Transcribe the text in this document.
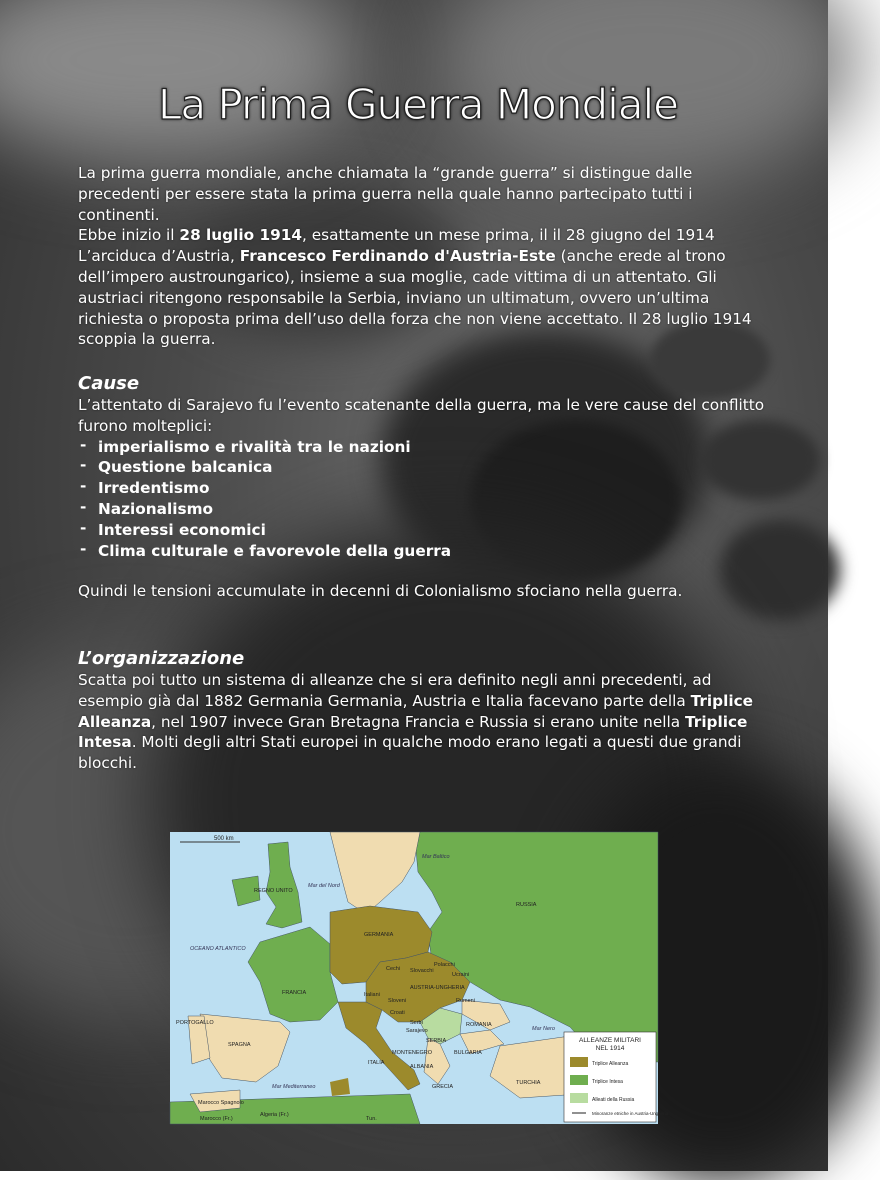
La Prima Guerra Mondiale

La prima guerra mondiale, anche chiamata la “grande guerra” si distingue dalle precedenti per essere stata la prima guerra nella quale hanno partecipato tutti i continenti.

Ebbe inizio il 28 luglio 1914, esattamente un mese prima, il il 28 giugno del 1914 L’arciduca d’Austria, Francesco Ferdinando d'Austria-Este (anche erede al trono dell’impero austroungarico), insieme a sua moglie, cade vittima di un attentato. Gli austriaci ritengono responsabile la Serbia, inviano un ultimatum, ovvero un’ultima richiesta o proposta prima dell’uso della forza che non viene accettato. Il 28 luglio 1914 scoppia la guerra.

Cause

L’attentato di Sarajevo fu l’evento scatenante della guerra, ma le vere cause del conflitto furono molteplici:

- imperialismo e rivalità tra le nazioni
- Questione balcanica
- Irredentismo
- Nazionalismo
- Interessi economici
- Clima culturale e favorevole della guerra

Quindi le tensioni accumulate in decenni di Colonialismo sfociano nella guerra.

L’organizzazione

Scatta poi tutto un sistema di alleanze che si era definito negli anni precedenti, ad esempio già dal 1882 Germania Germania, Austria e Italia facevano parte della Triplice Alleanza, nel 1907 invece Gran Bretagna Francia e Russia si erano unite nella Triplice Intesa. Molti degli altri Stati europei in qualche modo erano legati a questi due grandi blocchi.

500 km
REGNO UNITO
Mar del Nord
Mar Baltico
RUSSIA
GERMANIA
OCEANO ATLANTICO
FRANCIA
AUSTRIA-UNGHERIA
PORTOGALLO
SPAGNA
ITALIA
SERBIA
ROMANIA
BULGARIA
MONTENEGRO
ALBANIA
GRECIA
TURCHIA
Mar Nero
Mar Mediterraneo
Marocco Spagnolo
Algeria (Fr.)
Marocco (Fr.)	Tun.
Cechi Slovacchi
Polacchi
Ucraini
Italiani
Sloveni
Croati
Rumeni
Serbi
Sarajevo
ALLEANZE MILITARI
NEL 1914
Triplice Alleanza
Triplice Intesa
Alleati della Russia
Minoranze etniche in Austria-Ungheria
